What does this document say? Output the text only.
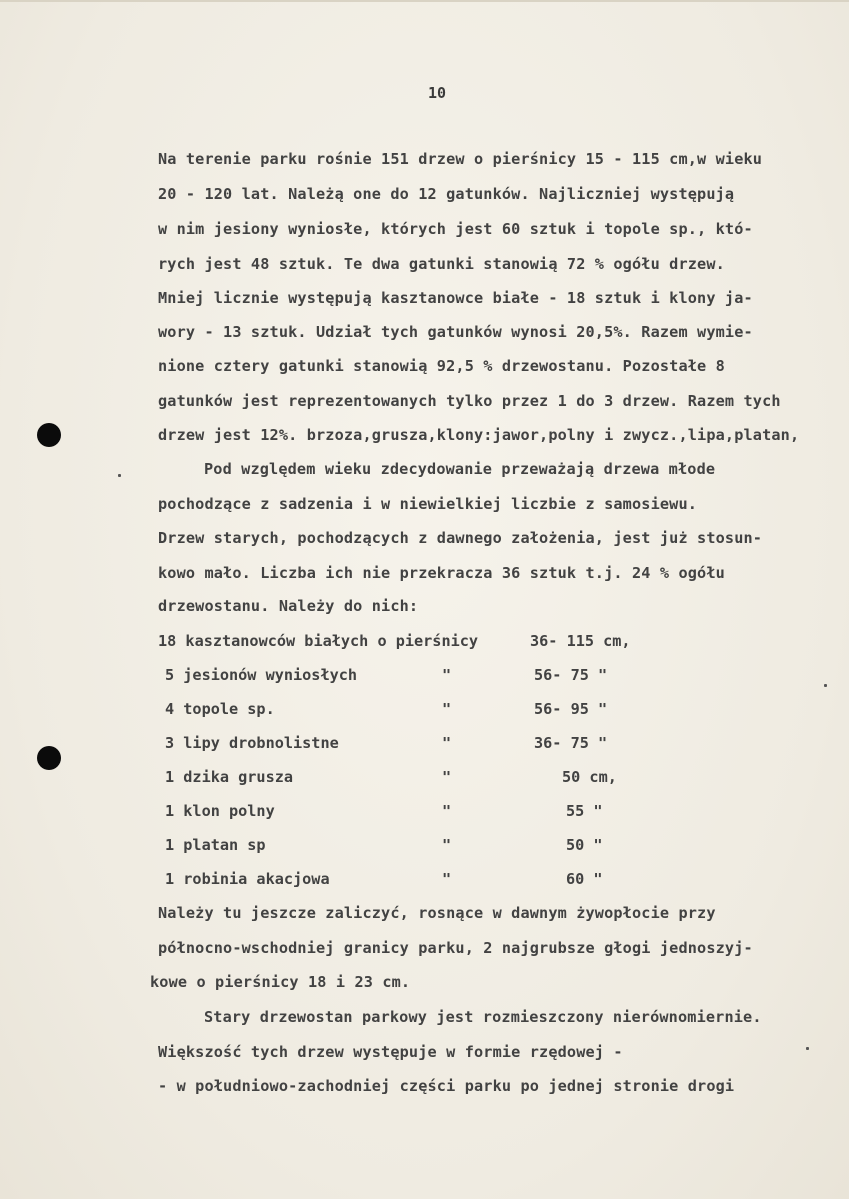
10
Na terenie parku rośnie 151 drzew o pierśnicy 15 - 115 cm,w wieku
20 - 120 lat. Należą one do 12 gatunków. Najliczniej występują
w nim jesiony wyniosłe, których jest 60 sztuk i topole sp., któ-
rych jest 48 sztuk. Te dwa gatunki stanowią 72 % ogółu drzew.
Mniej licznie występują kasztanowce białe - 18 sztuk i klony ja-
wory - 13 sztuk. Udział tych gatunków wynosi 20,5%. Razem wymie-
nione cztery gatunki stanowią 92,5 % drzewostanu. Pozostałe 8
gatunków jest reprezentowanych tylko przez 1 do 3 drzew. Razem tych
drzew jest 12%. brzoza,grusza,klony:jawor,polny i zwycz.,lipa,platan,
Pod względem wieku zdecydowanie przeważają drzewa młode
pochodzące z sadzenia i w niewielkiej liczbie z samosiewu.
Drzew starych, pochodzących z dawnego założenia, jest już stosun-
kowo mało. Liczba ich nie przekracza 36 sztuk t.j. 24 % ogółu
drzewostanu. Należy do nich:
18 kasztanowców białych o pierśnicy	36- 115 cm,
5 jesionów wyniosłych	"	56- 75 "
4 topole sp.	"	56- 95 "
3 lipy drobnolistne	"	36- 75 "
1 dzika grusza	"	50 cm,
1 klon polny	"	55 "
1 platan sp	"	50 "
1 robinia akacjowa	"	60 "
Należy tu jeszcze zaliczyć, rosnące w dawnym żywopłocie przy
północno-wschodniej granicy parku, 2 najgrubsze głogi jednoszyj-
kowe o pierśnicy 18 i 23 cm.
Stary drzewostan parkowy jest rozmieszczony nierównomiernie.
Większość tych drzew występuje w formie rzędowej -
- w południowo-zachodniej części parku po jednej stronie drogi
